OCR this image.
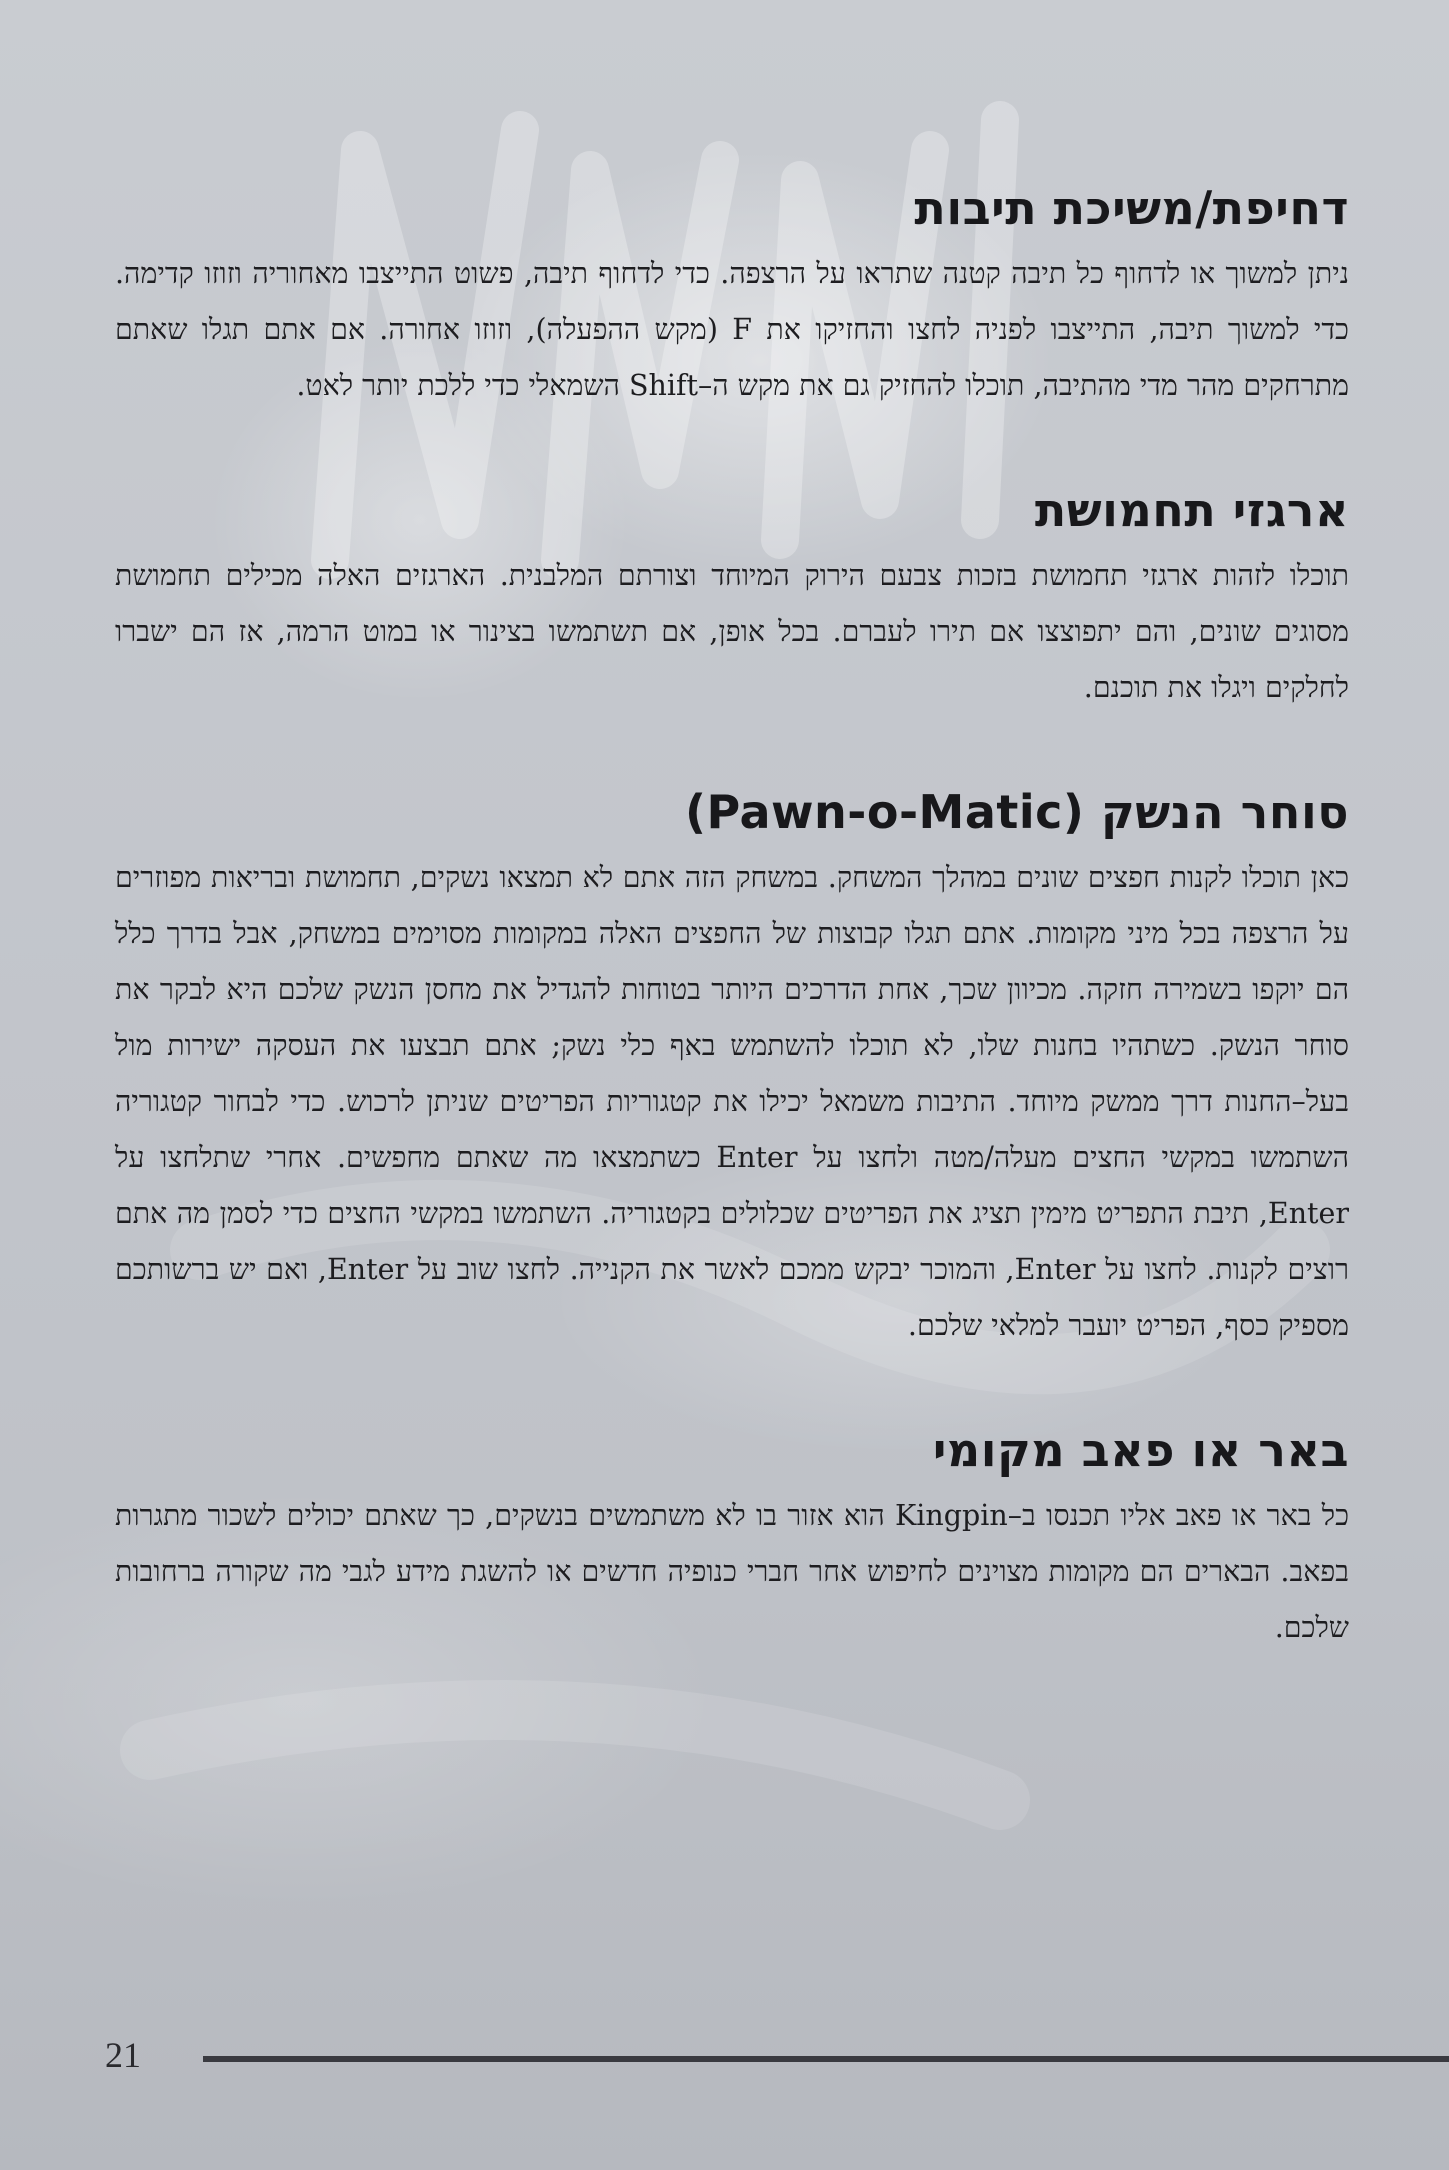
דחיפת/משיכת תיבות

ניתן למשוך או לדחוף כל תיבה קטנה שתראו על הרצפה. כדי לדחוף תיבה, פשוט התייצבו מאחוריה וזוזו קדימה. כדי למשוך תיבה, התייצבו לפניה לחצו והחזיקו את F (מקש ההפעלה), וזוזו אחורה. אם אתם תגלו שאתם מתרחקים מהר מדי מהתיבה, תוכלו להחזיק גם את מקש ה–Shift השמאלי כדי ללכת יותר לאט.

ארגזי תחמושת

תוכלו לזהות ארגזי תחמושת בזכות צבעם הירוק המיוחד וצורתם המלבנית. הארגזים האלה מכילים תחמושת מסוגים שונים, והם יתפוצצו אם תירו לעברם. בכל אופן, אם תשתמשו בצינור או במוט הרמה, אז הם ישברו לחלקים ויגלו את תוכנם.

סוחר הנשק (Pawn-o-Matic)

כאן תוכלו לקנות חפצים שונים במהלך המשחק. במשחק הזה אתם לא תמצאו נשקים, תחמושת ובריאות מפוזרים על הרצפה בכל מיני מקומות. אתם תגלו קבוצות של החפצים האלה במקומות מסוימים במשחק, אבל בדרך כלל הם יוקפו בשמירה חזקה. מכיוון שכך, אחת הדרכים היותר בטוחות להגדיל את מחסן הנשק שלכם היא לבקר את סוחר הנשק. כשתהיו בחנות שלו, לא תוכלו להשתמש באף כלי נשק; אתם תבצעו את העסקה ישירות מול בעל–החנות דרך ממשק מיוחד. התיבות משמאל יכילו את קטגוריות הפריטים שניתן לרכוש. כדי לבחור קטגוריה השתמשו במקשי החצים מעלה/מטה ולחצו על Enter כשתמצאו מה שאתם מחפשים. אחרי שתלחצו על Enter, תיבת התפריט מימין תציג את הפריטים שכלולים בקטגוריה. השתמשו במקשי החצים כדי לסמן מה אתם רוצים לקנות. לחצו על Enter, והמוכר יבקש ממכם לאשר את הקנייה. לחצו שוב על Enter, ואם יש ברשותכם מספיק כסף, הפריט יועבר למלאי שלכם.

באר או פאב מקומי

כל באר או פאב אליו תכנסו ב–Kingpin הוא אזור בו לא משתמשים בנשקים, כך שאתם יכולים לשכור מתגרות בפאב. הבארים הם מקומות מצוינים לחיפוש אחר חברי כנופיה חדשים או להשגת מידע לגבי מה שקורה ברחובות שלכם.

21
